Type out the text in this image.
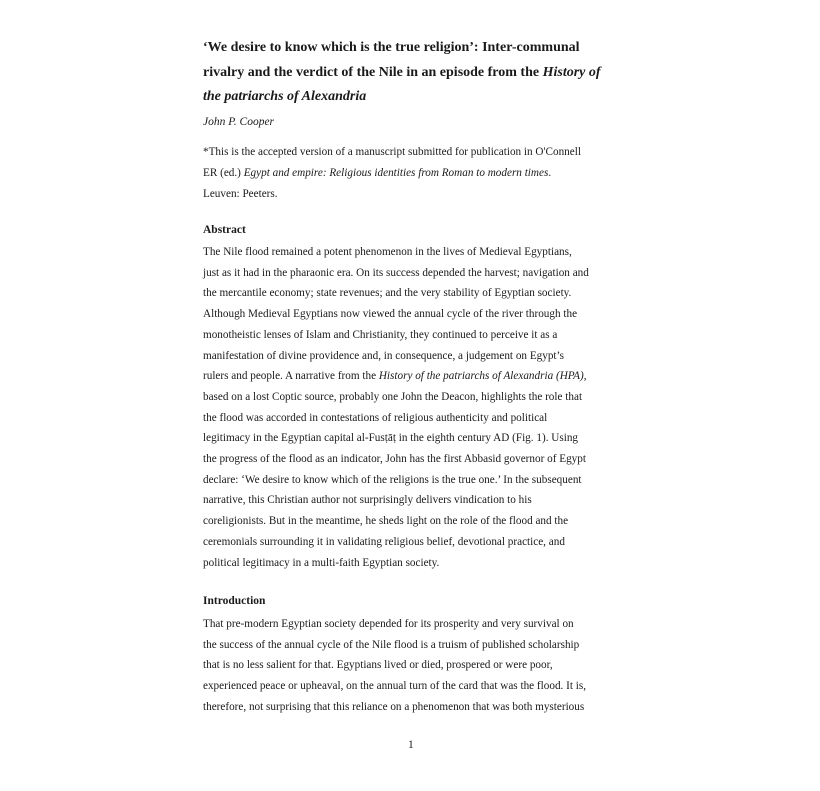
‘We desire to know which is the true religion’: Inter-communal
rivalry and the verdict of the Nile in an episode from the History of
the patriarchs of Alexandria
John P. Cooper
*This is the accepted version of a manuscript submitted for publication in O'Connell
ER (ed.) Egypt and empire: Religious identities from Roman to modern times.
Leuven: Peeters.
Abstract
The Nile flood remained a potent phenomenon in the lives of Medieval Egyptians,
just as it had in the pharaonic era. On its success depended the harvest; navigation and
the mercantile economy; state revenues; and the very stability of Egyptian society.
Although Medieval Egyptians now viewed the annual cycle of the river through the
monotheistic lenses of Islam and Christianity, they continued to perceive it as a
manifestation of divine providence and, in consequence, a judgement on Egypt’s
rulers and people. A narrative from the History of the patriarchs of Alexandria (HPA),
based on a lost Coptic source, probably one John the Deacon, highlights the role that
the flood was accorded in contestations of religious authenticity and political
legitimacy in the Egyptian capital al-Fusṭāṭ in the eighth century AD (Fig. 1). Using
the progress of the flood as an indicator, John has the first Abbasid governor of Egypt
declare: ‘We desire to know which of the religions is the true one.’ In the subsequent
narrative, this Christian author not surprisingly delivers vindication to his
coreligionists. But in the meantime, he sheds light on the role of the flood and the
ceremonials surrounding it in validating religious belief, devotional practice, and
political legitimacy in a multi-faith Egyptian society.
Introduction
That pre-modern Egyptian society depended for its prosperity and very survival on
the success of the annual cycle of the Nile flood is a truism of published scholarship
that is no less salient for that. Egyptians lived or died, prospered or were poor,
experienced peace or upheaval, on the annual turn of the card that was the flood. It is,
therefore, not surprising that this reliance on a phenomenon that was both mysterious
1
